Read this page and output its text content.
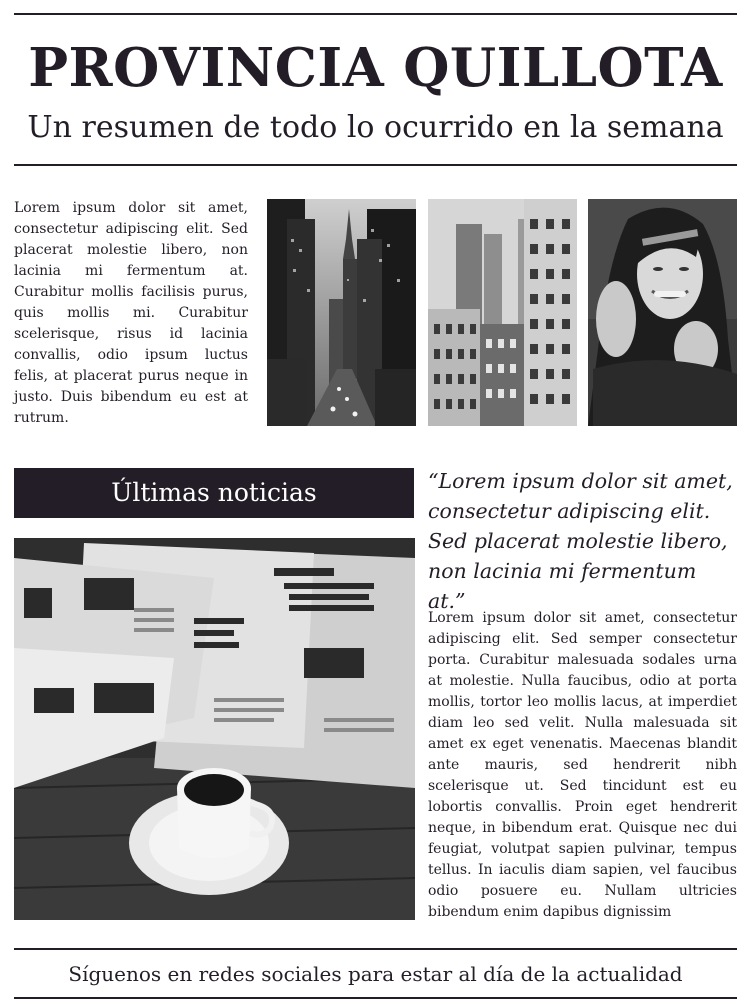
PROVINCIA QUILLOTA
Un resumen de todo lo ocurrido en la semana
Lorem ipsum dolor sit amet, consectetur adipiscing elit. Sed placerat molestie libero, non lacinia mi fermentum at. Curabitur mollis facilisis purus, quis mollis mi. Curabitur scelerisque, risus id lacinia convallis, odio ipsum luctus felis, at placerat purus neque in justo. Duis bibendum eu est at rutrum.
Últimas noticias	“Lorem ipsum dolor sit amet, consectetur adipiscing elit. Sed placerat molestie libero, non lacinia mi fermentum at.”
Lorem ipsum dolor sit amet, consectetur adipiscing elit. Sed semper consectetur porta. Curabitur malesuada sodales urna at molestie. Nulla faucibus, odio at porta mollis, tortor leo mollis lacus, at imperdiet diam leo sed velit. Nulla malesuada sit amet ex eget venenatis. Maecenas blandit ante mauris, sed hendrerit nibh scelerisque ut. Sed tincidunt est eu lobortis convallis. Proin eget hendrerit neque, in bibendum erat. Quisque nec dui feugiat, volutpat sapien pulvinar, tempus tellus. In iaculis diam sapien, vel faucibus odio posuere eu. Nullam ultricies bibendum enim dapibus dignissim
Síguenos en redes sociales para estar al día de la actualidad
